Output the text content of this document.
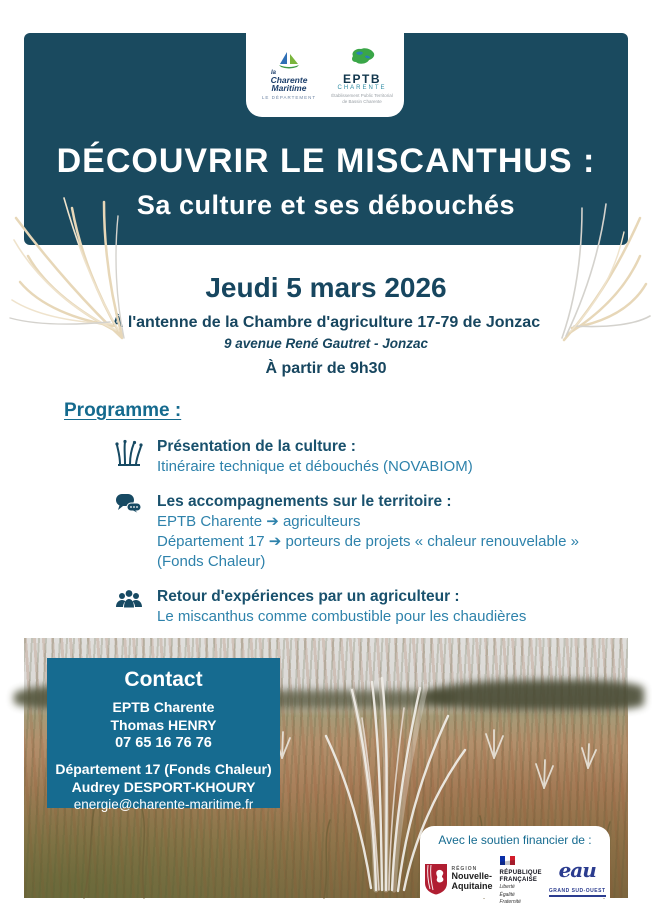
la
Charente
Maritime
LE DÉPARTEMENT
EPTB
CHARENTE
Établissement Public Territorial
de Bassin Charente
DÉCOUVRIR LE MISCANTHUS :
Sa culture et ses débouchés
Jeudi 5 mars 2026
À l'antenne de la Chambre d'agriculture 17-79 de Jonzac
9 avenue René Gautret - Jonzac
À partir de 9h30
Programme :
Présentation de la culture :
Itinéraire technique et débouchés (NOVABIOM)
Les accompagnements sur le territoire :
EPTB Charente ➔ agriculteurs
Département 17 ➔ porteurs de projets « chaleur renouvelable »
(Fonds Chaleur)
Retour d'expériences par un agriculteur :
Le miscanthus comme combustible pour les chaudières
Contact
EPTB Charente
Thomas HENRY
07 65 16 76 76
Département 17 (Fonds Chaleur)
Audrey DESPORT-KHOURY
energie@charente-maritime.fr
Avec le soutien financier de :
RÉGION
Nouvelle-
Aquitaine
RÉPUBLIQUE
FRANÇAISE
Liberté
Égalité
Fraternité
eau
GRAND SUD-OUEST
